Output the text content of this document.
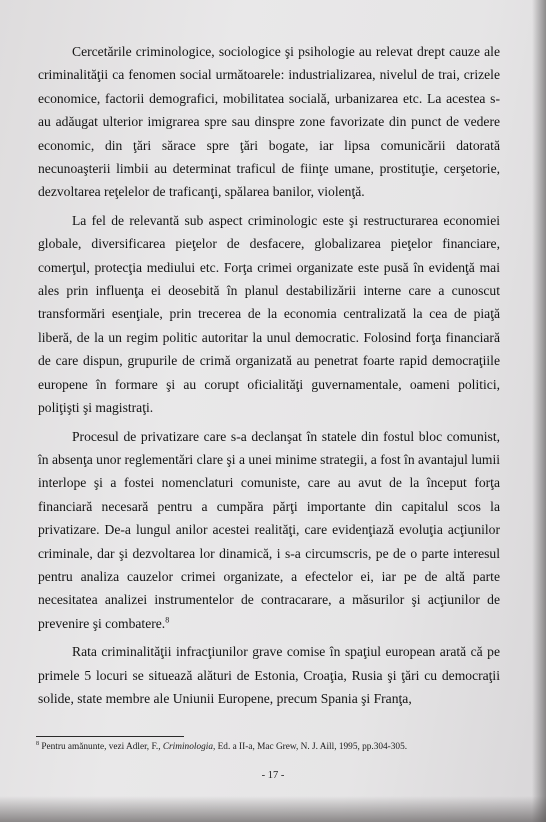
Cercetările criminologice, sociologice şi psihologie au relevat drept cauze ale criminalităţii ca fenomen social următoarele: industrializarea, nivelul de trai, crizele economice, factorii demografici, mobilitatea socială, urbanizarea etc. La acestea s-au adăugat ulterior imigrarea spre sau dinspre zone favorizate din punct de vedere economic, din ţări sărace spre ţări bogate, iar lipsa comunicării datorată necunoaşterii limbii au determinat traficul de fiinţe umane, prostituţie, cerşetorie, dezvoltarea reţelelor de traficanţi, spălarea banilor, violenţă.

La fel de relevantă sub aspect criminologic este şi restructurarea economiei globale, diversificarea pieţelor de desfacere, globalizarea pieţelor financiare, comerţul, protecţia mediului etc. Forţa crimei organizate este pusă în evidenţă mai ales prin influenţa ei deosebită în planul destabilizării interne care a cunoscut transformări esenţiale, prin trecerea de la economia centralizată la cea de piaţă liberă, de la un regim politic autoritar la unul democratic. Folosind forţa financiară de care dispun, grupurile de crimă organizată au penetrat foarte rapid democraţiile europene în formare şi au corupt oficialităţi guvernamentale, oameni politici, poliţişti şi magistraţi.

Procesul de privatizare care s-a declanşat în statele din fostul bloc comunist, în absenţa unor reglementări clare şi a unei minime strategii, a fost în avantajul lumii interlope şi a fostei nomenclaturi comuniste, care au avut de la început forţa financiară necesară pentru a cumpăra părţi importante din capitalul scos la privatizare. De-a lungul anilor acestei realităţi, care evidenţiază evoluţia acţiunilor criminale, dar şi dezvoltarea lor dinamică, i s-a circumscris, pe de o parte interesul pentru analiza cauzelor crimei organizate, a efectelor ei, iar pe de altă parte necesitatea analizei instrumentelor de contracarare, a măsurilor şi acţiunilor de prevenire şi combatere.$^8$

Rata criminalităţii infracţiunilor grave comise în spaţiul european arată că pe primele 5 locuri se situează alături de Estonia, Croaţia, Rusia şi ţări cu democraţii solide, state membre ale Uniunii Europene, precum Spania şi Franţa,

$^8$ Pentru amănunte, vezi Adler, F., Criminologia, Ed. a II-a, Mac Grew, N. J. Aill, 1995, pp.304-305.
- 17 -
